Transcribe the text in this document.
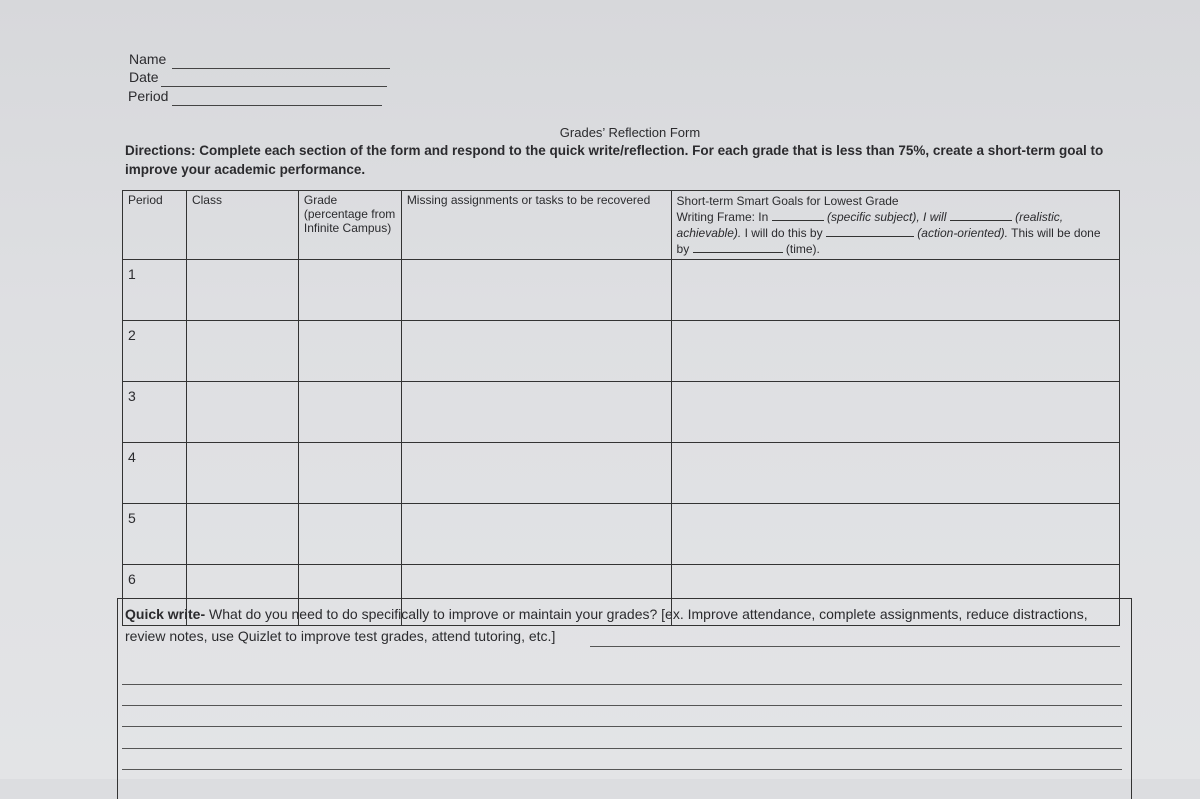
Name
Date
Period
Grades’ Reflection Form
Directions: Complete each section of the form and respond to the quick write/reflection. For each grade that is less than 75%, create a short-term goal to improve your academic performance.
Period	Class	Grade (percentage from Infinite Campus)	Missing assignments or tasks to be recovered	Short-term Smart Goals for Lowest Grade
Writing Frame: In (specific subject), I will (realistic, achievable). I will do this by (action-oriented). This will be done by (time).
1				
2				
3				
4				
5				
6				
Quick write- What do you need to do specifically to improve or maintain your grades? [ex. Improve attendance, complete assignments, reduce distractions, review notes, use Quizlet to improve test grades, attend tutoring, etc.]
